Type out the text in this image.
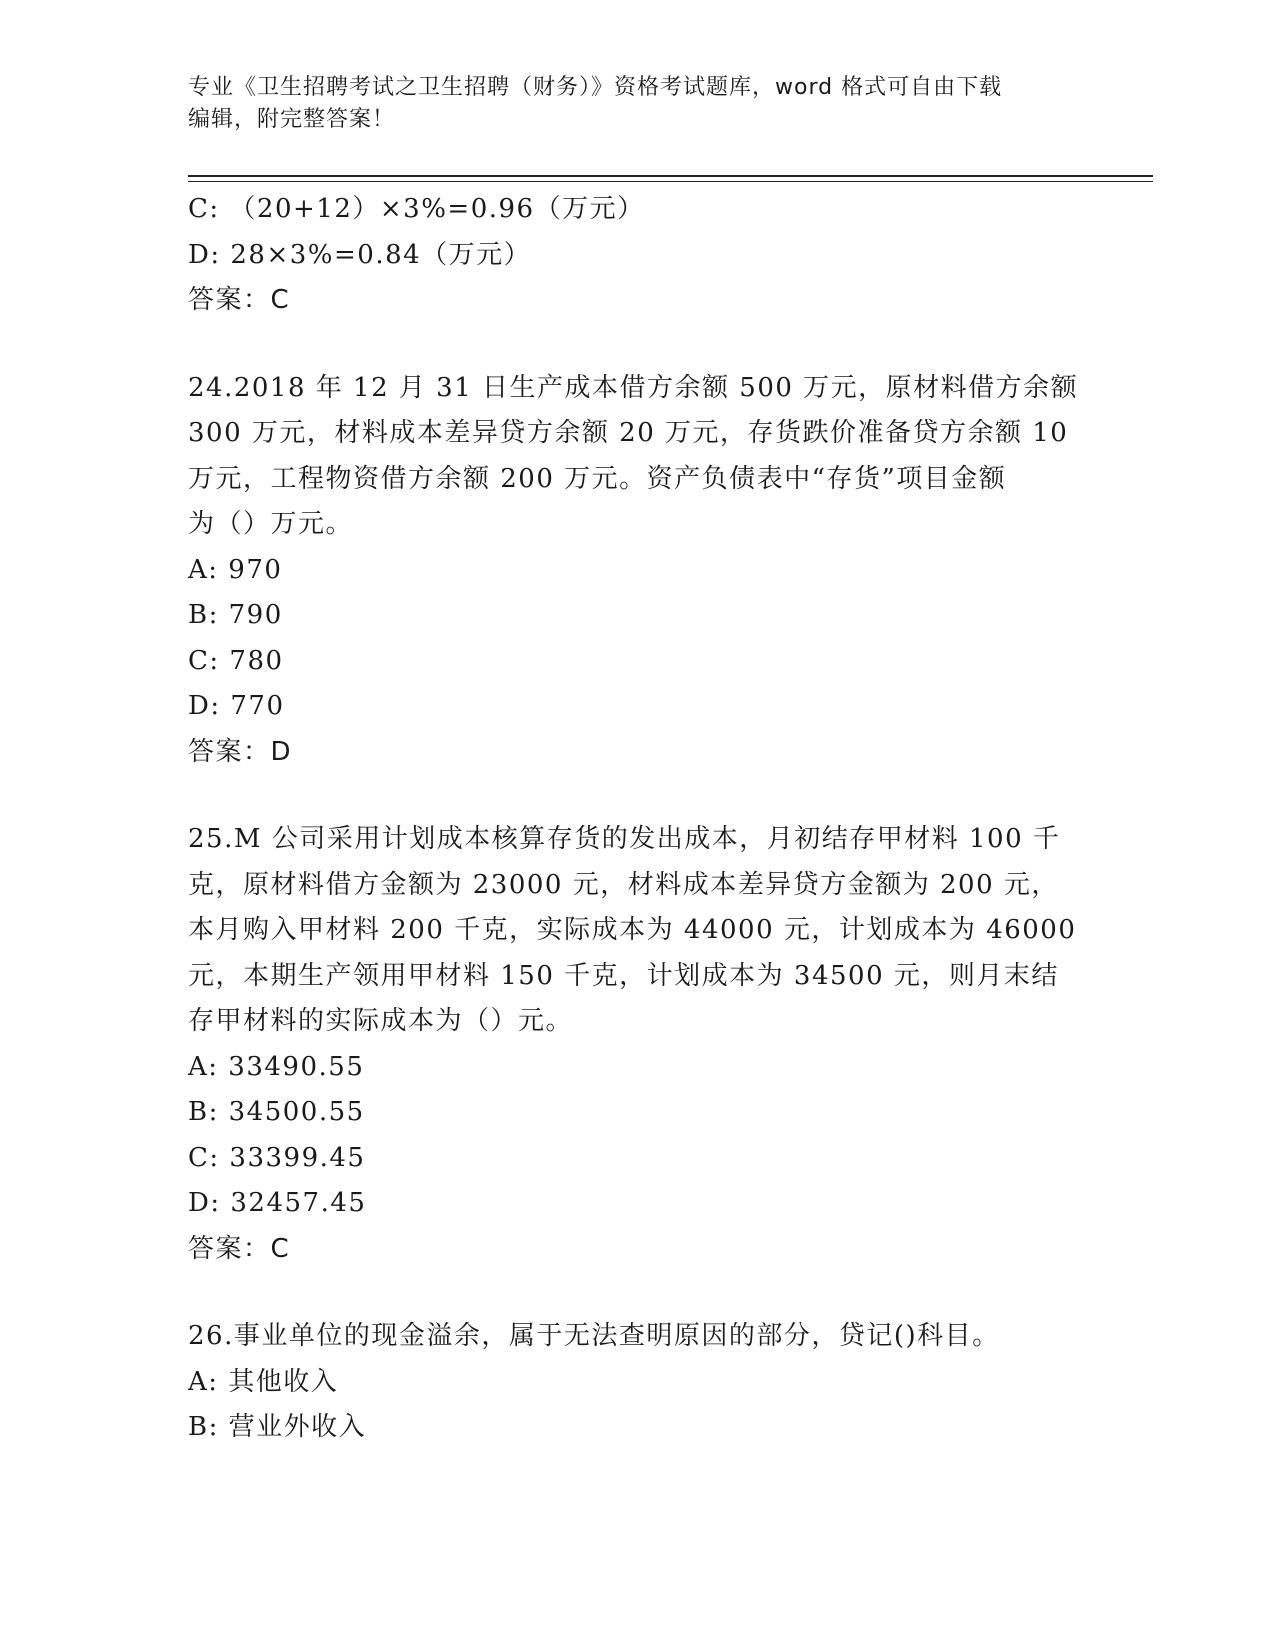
专业《卫生招聘考试之卫生招聘（财务）》资格考试题库，word 格式可自由下载
编辑，附完整答案！
C: （20+12）×3%=0.96（万元）
D: 28×3%=0.84（万元）
答案：C
24.2018 年 12 月 31 日生产成本借方余额 500 万元，原材料借方余额
300 万元，材料成本差异贷方余额 20 万元，存货跌价准备贷方余额 10
万元，工程物资借方余额 200 万元。资产负债表中“存货”项目金额
为（）万元。
A: 970
B: 790
C: 780
D: 770
答案：D
25.M 公司采用计划成本核算存货的发出成本，月初结存甲材料 100 千
克，原材料借方金额为 23000 元，材料成本差异贷方金额为 200 元，
本月购入甲材料 200 千克，实际成本为 44000 元，计划成本为 46000
元，本期生产领用甲材料 150 千克，计划成本为 34500 元，则月末结
存甲材料的实际成本为（）元。
A: 33490.55
B: 34500.55
C: 33399.45
D: 32457.45
答案：C
26.事业单位的现金溢余，属于无法查明原因的部分，贷记()科目。
A: 其他收入
B: 营业外收入
